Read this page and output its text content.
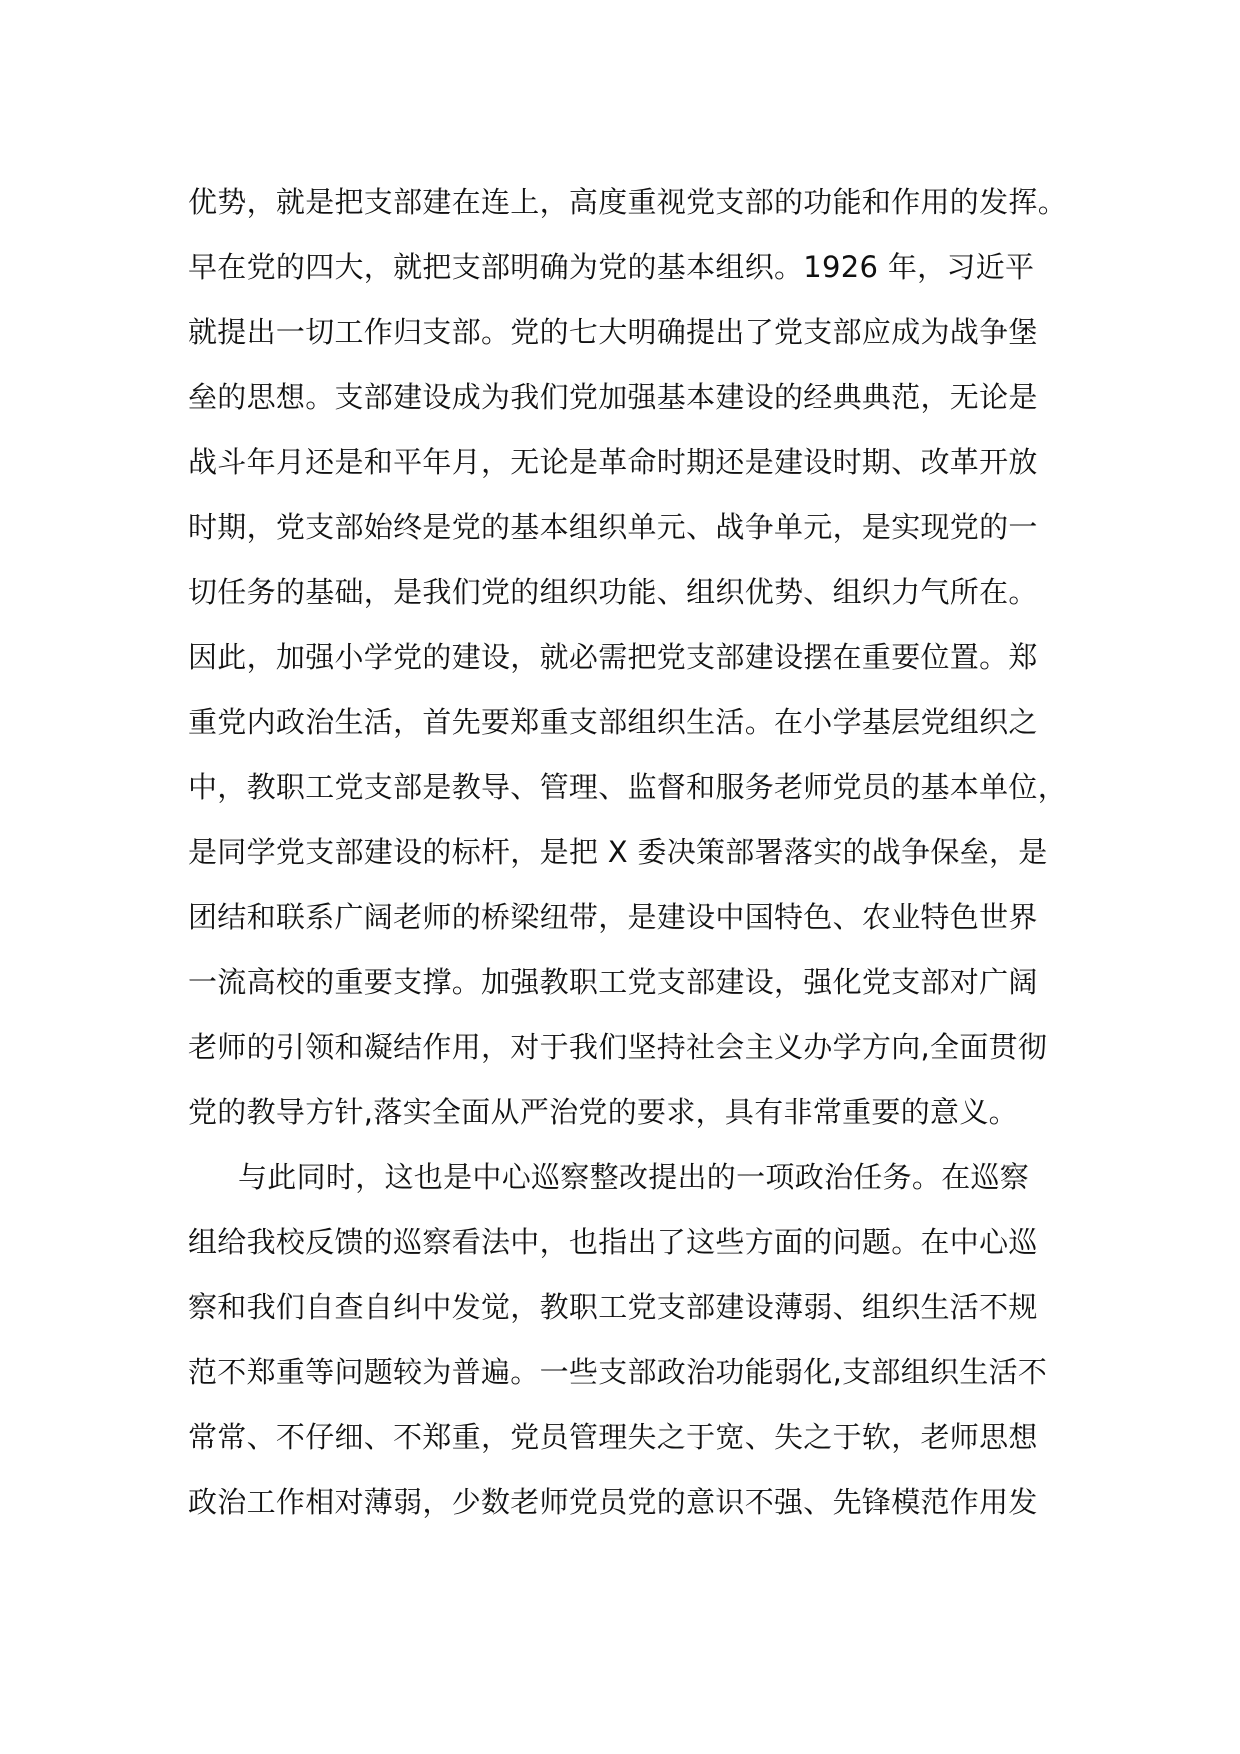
优势，就是把支部建在连上，高度重视党支部的功能和作用的发挥。
早在党的四大，就把支部明确为党的基本组织。1926 年，习近平
就提出一切工作归支部。党的七大明确提出了党支部应成为战争堡
垒的思想。支部建设成为我们党加强基本建设的经典典范，无论是
战斗年月还是和平年月，无论是革命时期还是建设时期、改革开放
时期，党支部始终是党的基本组织单元、战争单元，是实现党的一
切任务的基础，是我们党的组织功能、组织优势、组织力气所在。
因此，加强小学党的建设，就必需把党支部建设摆在重要位置。郑
重党内政治生活，首先要郑重支部组织生活。在小学基层党组织之
中，教职工党支部是教导、管理、监督和服务老师党员的基本单位，
是同学党支部建设的标杆，是把 X 委决策部署落实的战争保垒，是
团结和联系广阔老师的桥梁纽带，是建设中国特色、农业特色世界
一流高校的重要支撑。加强教职工党支部建设，强化党支部对广阔
老师的引领和凝结作用，对于我们坚持社会主义办学方向,全面贯彻
党的教导方针,落实全面从严治党的要求，具有非常重要的意义。
与此同时，这也是中心巡察整改提出的一项政治任务。在巡察
组给我校反馈的巡察看法中，也指出了这些方面的问题。在中心巡
察和我们自查自纠中发觉，教职工党支部建设薄弱、组织生活不规
范不郑重等问题较为普遍。一些支部政治功能弱化,支部组织生活不
常常、不仔细、不郑重，党员管理失之于宽、失之于软，老师思想
政治工作相对薄弱，少数老师党员党的意识不强、先锋模范作用发
